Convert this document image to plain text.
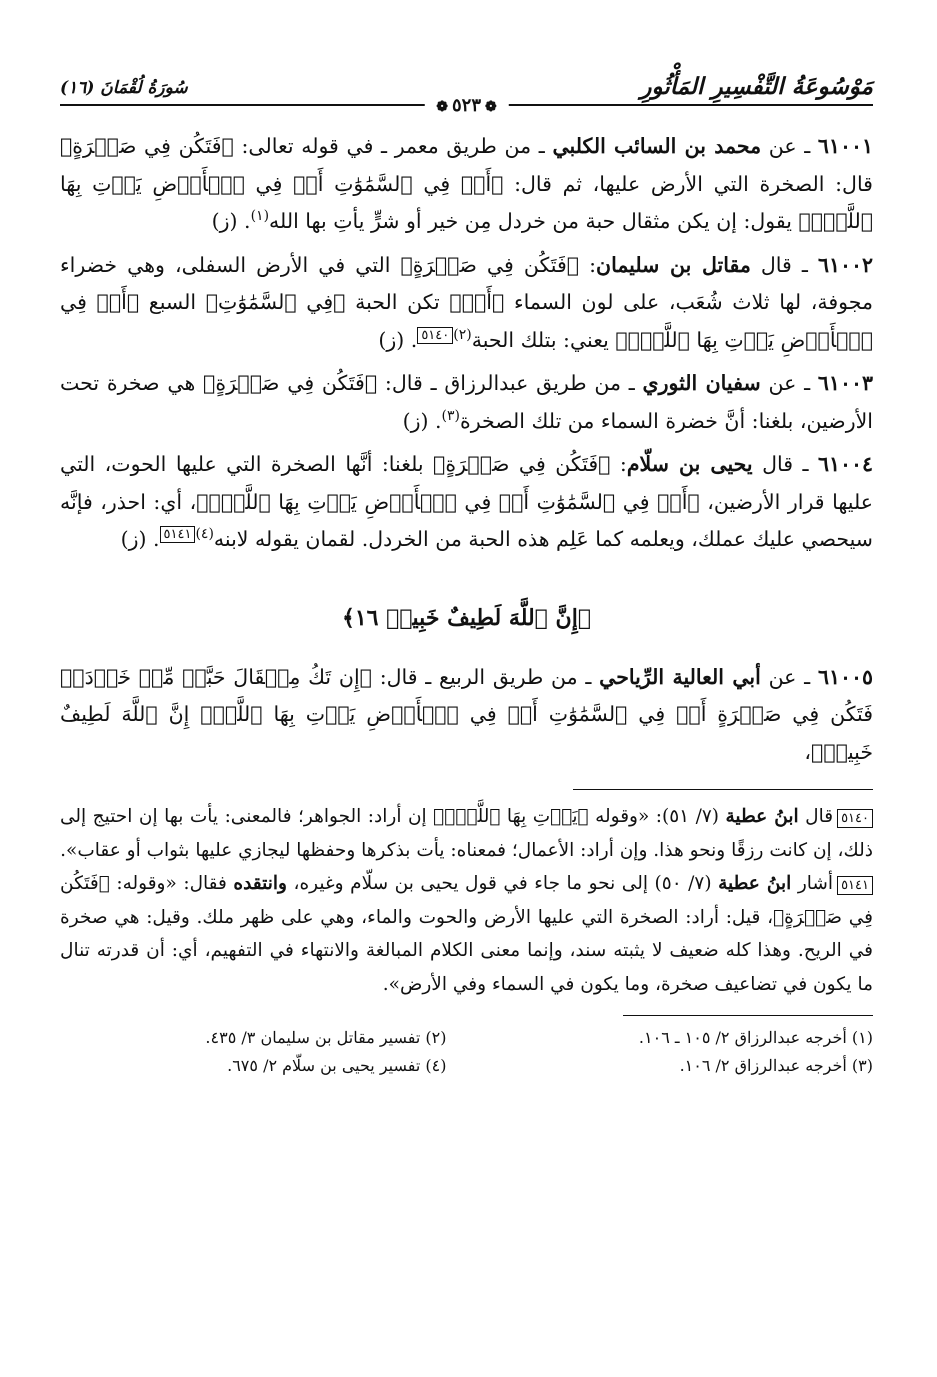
مَوْسُوعَةُ التَّفْسِيرِ المَأْثُورِ
❁٥٢٣❁
سُورَةُ لُقْمَانَ (١٦)

٦١٠٠١ ـ عن محمد بن السائب الكلبي ـ من طريق معمر ـ في قوله تعالى: ﴿فَتَكُن فِي صَخۡرَةٍ﴾ قال: الصخرة التي الأرض عليها، ثم قال: ﴿أَوۡ فِي ٱلسَّمَٰوَٰتِ أَوۡ فِي ٱلۡأَرۡضِ يَأۡتِ بِهَا ٱللَّهُۚ﴾ يقول: إن يكن مثقال حبة من خردل مِن خير أو شرٍّ يأتِ بها الله$^{(١)}$. (ز)

٦١٠٠٢ ـ قال مقاتل بن سليمان: ﴿فَتَكُن فِي صَخۡرَةٍ﴾ التي في الأرض السفلى، وهي خضراء مجوفة، لها ثلاث شُعَب، على لون السماء ﴿أَوۡ﴾ تكن الحبة ﴿فِي ٱلسَّمَٰوَٰتِ﴾ السبع ﴿أَوۡ فِي ٱلۡأَرۡضِ يَأۡتِ بِهَا ٱللَّهُۚ﴾ يعني: بتلك الحبة$^{(٢)}$٥١٤٠. (ز)

٦١٠٠٣ ـ عن سفيان الثوري ـ من طريق عبدالرزاق ـ قال: ﴿فَتَكُن فِي صَخۡرَةٍ﴾ هي صخرة تحت الأرضين، بلغنا: أنَّ خضرة السماء من تلك الصخرة$^{(٣)}$. (ز)

٦١٠٠٤ ـ قال يحيى بن سلّام: ﴿فَتَكُن فِي صَخۡرَةٍ﴾ بلغنا: أنَّها الصخرة التي عليها الحوت، التي عليها قرار الأرضين، ﴿أَوۡ فِي ٱلسَّمَٰوَٰتِ أَوۡ فِي ٱلۡأَرۡضِ يَأۡتِ بِهَا ٱللَّهُۚ﴾، أي: احذر، فإنَّه سيحصي عليك عملك، ويعلمه كما عَلِم هذه الحبة من الخردل. لقمان يقوله لابنه$^{(٤)}$٥١٤١. (ز)

﴿إِنَّ ٱللَّهَ لَطِيفٌ خَبِيرٞ ١٦﴾

٦١٠٠٥ ـ عن أبي العالية الرِّياحي ـ من طريق الربيع ـ قال: ﴿إِن تَكُ مِثۡقَالَ حَبَّةٖ مِّنۡ خَرۡدَلٖ فَتَكُن فِي صَخۡرَةٍ أَوۡ فِي ٱلسَّمَٰوَٰتِ أَوۡ فِي ٱلۡأَرۡضِ يَأۡتِ بِهَا ٱللَّهُۚ إِنَّ ٱللَّهَ لَطِيفٌ خَبِيرٞ﴾،

٥١٤٠قال ابنُ عطية (٧/ ٥١): «وقوله ﴿يَأۡتِ بِهَا ٱللَّهُۚ﴾ إن أراد: الجواهر؛ فالمعنى: يأت بها إن احتيج إلى ذلك، إن كانت رزقًا ونحو هذا. وإن أراد: الأعمال؛ فمعناه: يأت بذكرها وحفظها ليجازي عليها بثواب أو عقاب».

٥١٤١أشار ابنُ عطية (٧/ ٥٠) إلى نحو ما جاء في قول يحيى بن سلّام وغيره، وانتقده فقال: «وقوله: ﴿فَتَكُن فِي صَخۡرَةٍ﴾، قيل: أراد: الصخرة التي عليها الأرض والحوت والماء، وهي على ظهر ملك. وقيل: هي صخرة في الريح. وهذا كله ضعيف لا يثبته سند، وإنما معنى الكلام المبالغة والانتهاء في التفهيم، أي: أن قدرته تنال ما يكون في تضاعيف صخرة، وما يكون في السماء وفي الأرض».

(١) أخرجه عبدالرزاق ٢/ ١٠٥ ـ ١٠٦.
(٢) تفسير مقاتل بن سليمان ٣/ ٤٣٥.
(٣) أخرجه عبدالرزاق ٢/ ١٠٦.
(٤) تفسير يحيى بن سلّام ٢/ ٦٧٥.
